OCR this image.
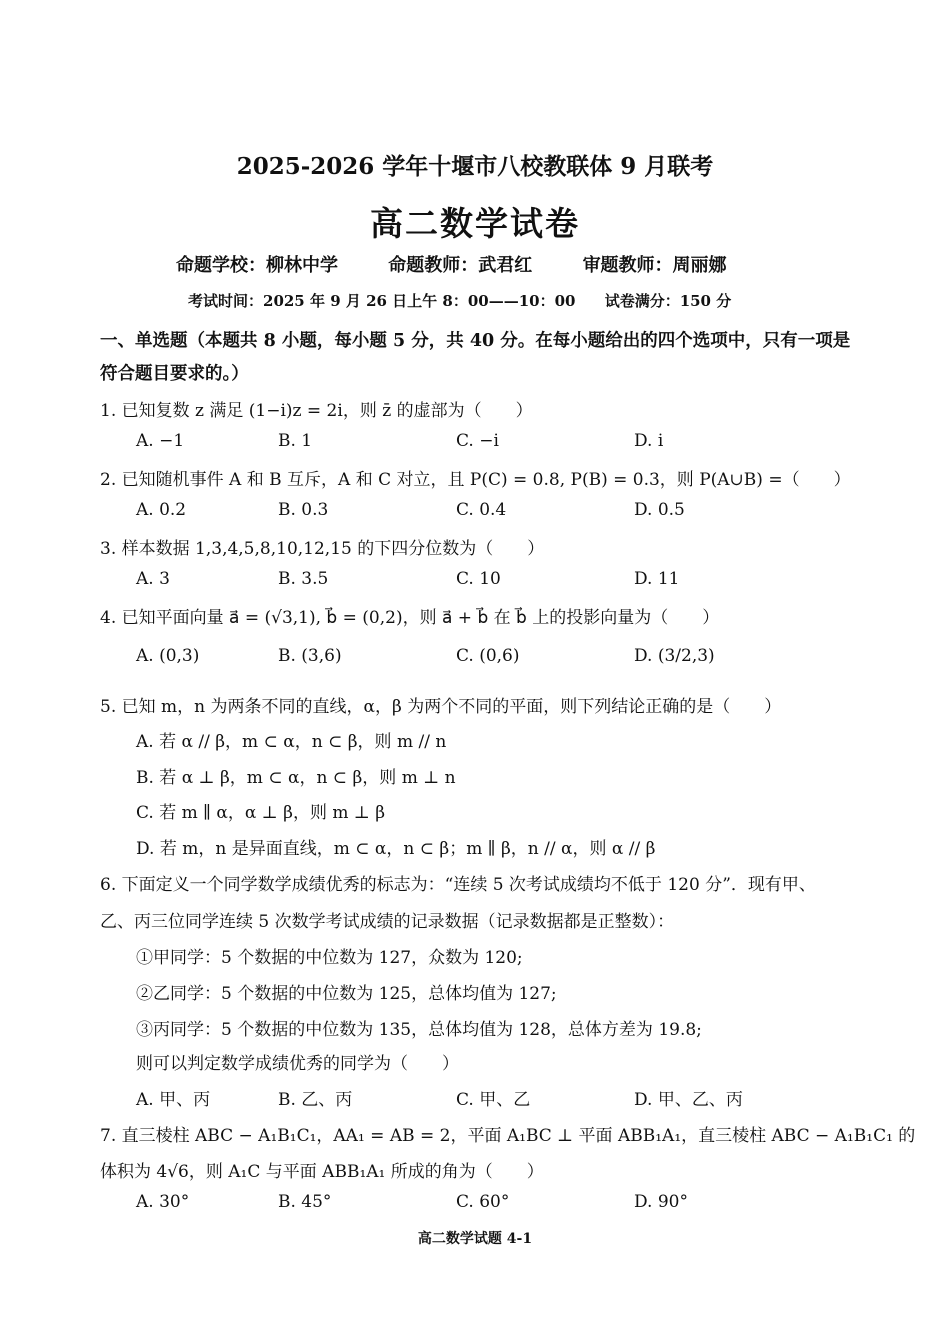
2025-2026 学年十堰市八校教联体 9 月联考
高二数学试卷
命题学校：柳林中学	命题教师：武君红	审题教师：周丽娜
考试时间：2025 年 9 月 26 日上午 8：00——10：00 试卷满分：150 分
一、单选题（本题共 8 小题，每小题 5 分，共 40 分。在每小题给出的四个选项中，只有一项是
符合题目要求的。）
1. 已知复数 z 满足 (1−i)z = 2i，则 z̄ 的虚部为（　　）
A. −1	B. 1	C. −i	D. i
2. 已知随机事件 A 和 B 互斥，A 和 C 对立，且 P(C) = 0.8, P(B) = 0.3，则 P(A∪B) =（　　）
A. 0.2	B. 0.3	C. 0.4	D. 0.5
3. 样本数据 1,3,4,5,8,10,12,15 的下四分位数为（　　）
A. 3	B. 3.5	C. 10	D. 11
4. 已知平面向量 a⃗ = (√3,1), b⃗ = (0,2)，则 a⃗ + b⃗ 在 b⃗ 上的投影向量为（　　）
A. (0,3)	B. (3,6)	C. (0,6)	D. (3/2,3)
5. 已知 m，n 为两条不同的直线，α，β 为两个不同的平面，则下列结论正确的是（　　）
A. 若 α // β，m ⊂ α，n ⊂ β，则 m // n
B. 若 α ⊥ β，m ⊂ α，n ⊂ β，则 m ⊥ n
C. 若 m ∥ α，α ⊥ β，则 m ⊥ β
D. 若 m，n 是异面直线，m ⊂ α，n ⊂ β；m ∥ β，n // α，则 α // β
6. 下面定义一个同学数学成绩优秀的标志为：“连续 5 次考试成绩均不低于 120 分”．现有甲、
乙、丙三位同学连续 5 次数学考试成绩的记录数据（记录数据都是正整数）：
①甲同学：5 个数据的中位数为 127，众数为 120;
②乙同学：5 个数据的中位数为 125，总体均值为 127;
③丙同学：5 个数据的中位数为 135，总体均值为 128，总体方差为 19.8;
则可以判定数学成绩优秀的同学为（　　）
A. 甲、丙	B. 乙、丙	C. 甲、乙	D. 甲、乙、丙
7. 直三棱柱 ABC − A₁B₁C₁，AA₁ = AB = 2，平面 A₁BC ⊥ 平面 ABB₁A₁，直三棱柱 ABC − A₁B₁C₁ 的
体积为 4√6，则 A₁C 与平面 ABB₁A₁ 所成的角为（　　）
A. 30°	B. 45°	C. 60°	D. 90°
高二数学试题 4-1
